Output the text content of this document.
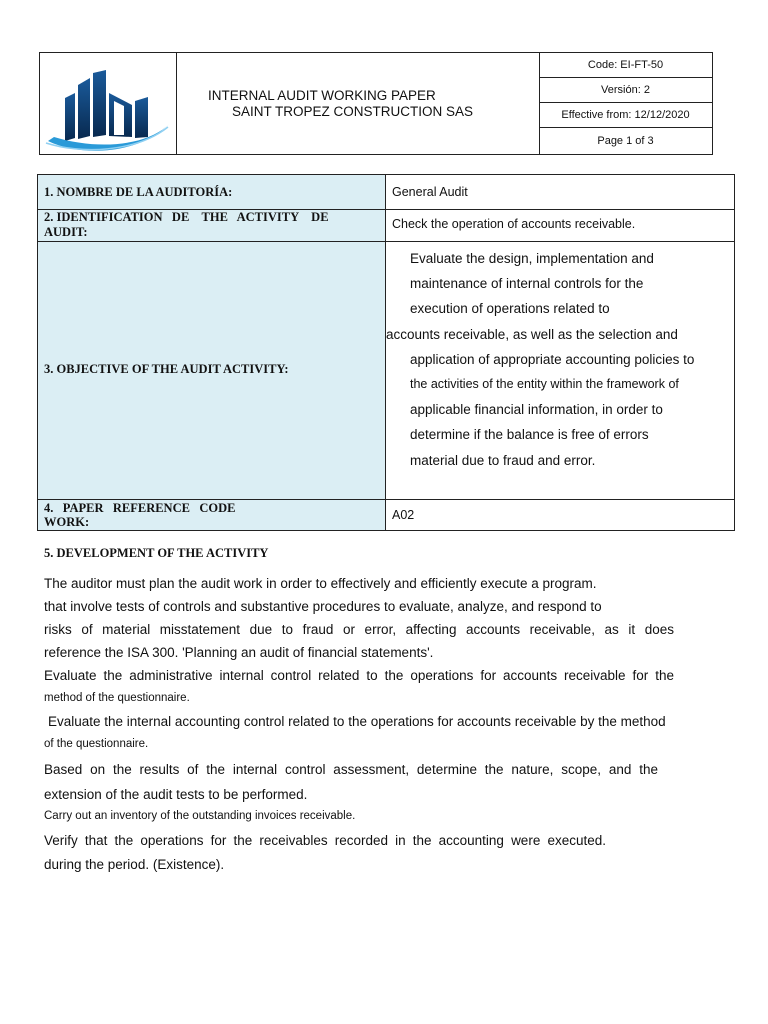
INTERNAL AUDIT WORKING PAPER
SAINT TROPEZ CONSTRUCTION SAS
Code: EI-FT-50
Versión: 2
Effective from: 12/12/2020
Page 1 of 3
1. NOMBRE DE LA AUDITORÍA:	General Audit
2. IDENTIFICATION   DE    THE   ACTIVITY    DE
AUDIT:
Check the operation of accounts receivable.
3. OBJECTIVE OF THE AUDIT ACTIVITY:
Evaluate the design, implementation and
maintenance of internal controls for the
execution of operations related to
accounts receivable, as well as the selection and
application of appropriate accounting policies to
the activities of the entity within the framework of
applicable financial information, in order to
determine if the balance is free of errors
material due to fraud and error.
4.   PAPER   REFERENCE   CODE
WORK:	A02
5. DEVELOPMENT OF THE ACTIVITY
The auditor must plan the audit work in order to effectively and efficiently execute a program.
that involve tests of controls and substantive procedures to evaluate, analyze, and respond to
risks of material misstatement due to fraud or error, affecting accounts receivable, as it does
reference the ISA 300. 'Planning an audit of financial statements'.
Evaluate the administrative internal control related to the operations for accounts receivable for the
method of the questionnaire.
Evaluate the internal accounting control related to the operations for accounts receivable by the method
of the questionnaire.
Based on the results of the internal control assessment, determine the nature, scope, and the
extension of the audit tests to be performed.
Carry out an inventory of the outstanding invoices receivable.
Verify that the operations for the receivables recorded in the accounting were executed.
during the period. (Existence).
